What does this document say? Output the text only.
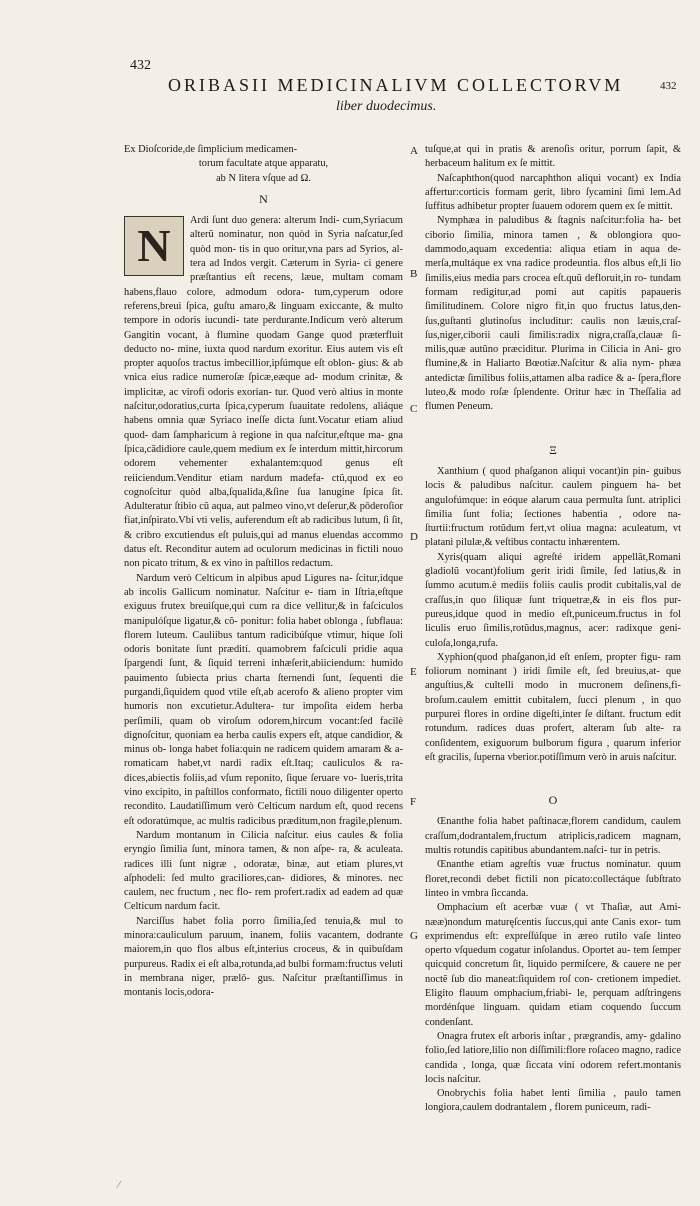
432
432
ORIBASII MEDICINALIVM COLLECTORVM
liber duodecimus.
Ex Dioſcoride,de ſimplicium medicamen-
torum facultate atque apparatu,
ab N litera vſque ad Ω.
N
N	Ardi ſunt duo genera: alterum Indi- cum,Syriacum alterũ nominatur, non quòd in Syria naſcatur,ſed quòd mon- tis in quo oritur,vna pars ad Syrios, al- tera ad Indos vergit. Cæterum in Syria- ci genere præſtantius eſt recens, læue, multam comam habens,flauo colore, admodum odora- tum,cyperum odore referens,breui ſpica, guſtu amaro,& linguam exiccante, & multo tempore in odoris iucundi- tate perdurante.Indicum verò alterum Gangitin vocant, à flumine quodam Gange quod præterfluit deducto no- mine, iuxta quod nardum exoritur. Eius autem vis eſt propter aquoſos tractus imbecillior,ipſúmque eſt oblon- gius: & ab vnica eius radice numeroſæ ſpicæ,eæque ad- modum crinitæ, & implicitæ, ac virofi odoris exorian- tur. Quod verò altius in monte naſcitur,odoratius,curta ſpica,cyperum ſuauitate redolens, aliáque habens omnia quæ Syriaco ineſſe dicta ſunt.Vocatur etiam aliud quod- dam ſampharicum à regione in qua naſcitur,eſtque ma- gna ſpica,cãdidiore caule,quem medium ex ſe interdum mittit,hircorum odorem vehementer exhalantem:quod genus eſt reiiciendum.Venditur etiam nardum madefa- ctũ,quod ex eo cognoſcitur quòd alba,ſqualida,&ſine ſua lanugine ſpica ſit. Adulteratur ſtibio cũ aqua, aut palmeo vino,vt deſerur,& pōderoſior fiat,inſpirato.Vbi vti velis, auferendum eſt ab radicibus lutum, ſi ſit, & cribro excutiendus eſt puluis,qui ad manus eluendas accommo datus eſt. Reconditur autem ad oculorum medicinas in fictili nouo non picato tritum, & ex vino in paſtillos redactum.

Nardum verò Celticum in alpibus apud Ligures na- ſcitur,idque ab incolis Gallicum nominatur. Naſcitur e- tiam in Iſtria,eſtque exiguus frutex breuiſque,qui cum ra dice vellitur,& in faſciculos manipulóſque ligatur,& cõ- ponitur: folia habet oblonga , ſubflaua: florem luteum. Cauliibus tantum radicibúſque vtimur, hique ſoli odoris bonitate ſunt prædití. quamobrem faſciculi pridie aqua ſpargendi ſunt, & ſiquid terreni inhæſerit,abiiciendum: humido pauimento ſubiecta prius charta ſternendi ſunt, ſequenti die purgandi,ſiquidem quod vtile eſt,ab acerofo & alieno propter vim humoris non excutietur.Adultera- tur impoſita eidem herba perſimili, quam ob viroſum odorem,hircum vocant:ſed facilè dignoſcitur, quoniam ea herba caulis expers eſt, atque candidior, & minus ob- longa habet folia:quin ne radicem quidem amaram & a- romaticam habet,vt nardi radix eſt.Itaq; cauliculos & ra- dices,abiectis foliis,ad vſum reponito, ſique ſeruare vo- lueris,trita vino excipito, in paſtillos conformato, fictili nouo diligenter operto recondito. Laudatiſſimum verò Celticum nardum eſt, quod recens eſt odoratúmque, ac multis radicibus præditum,non fragile,plenum.

Nardum montanum in Cilicia naſcitur. eius caules & folia eryngio ſimilia ſunt, minora tamen, & non aſpe- ra, & aculeata. radices illi ſunt nigræ , odoratæ, binæ, aut etiam plures,vt aſphodeli: ſed multo graciliores,can- didiores, & minores. nec caulem, nec fructum , nec flo- rem profert.radix ad eadem ad quæ Celticum nardum facit.

Narciſſus habet folia porro ſimilia,ſed tenuia,& mul to minora:cauliculum paruum, inanem, foliis vacantem, dodrante maiorem,in quo flos albus eſt,interius croceus, & in quibuſdam purpureus. Radix ei eſt alba,rotunda,ad bulbi formam:fructus veluti in membrana niger, prælō- gus. Naſcitur præſtantiſſimus in montanis locis,odora-

A
B
C
D
E
F
G

tuſque,at qui in pratis & arenoſis oritur, porrum ſapit, & herbaceum halitum ex ſe mittit.

Naſcaphthon(quod narcaphthon aliqui vocant) ex India affertur:corticis formam gerit, libro ſycamini ſimi lem.Ad ſuffitus adhibetur propter ſuauem odorem quem ex ſe mittit.

Nymphæa in paludibus & ſtagnis naſcitur:folia ha- bet ciborio ſimilia, minora tamen , & oblongiora quo- dammodo,aquam excedentia: aliqua etiam in aqua de- merſa,multáque ex vna radice prodeuntia. flos albus eſt,li lio ſimilis,eius media pars crocea eſt.quũ defloruit,in ro- tundam formam redigitur,ad pomi aut capitis papaueris ſimilitudinem. Colore nigro fit,in quo fructus latus,den- ſus,guſtanti glutinoſus includitur: caulis non læuis,craſ- ſus,niger,ciborii cauli ſimilis:radix nigra,craſſa,clauæ ſi- milis,quæ autũno præciditur. Plurima in Cilicia in Ani- gro flumine,& in Haliarto Bœotiæ.Naſcitur & alia nym- phæa antedictæ ſimilibus foliis,attamen alba radice & a- ſpera,flore luteo,& modo roſæ ſplendente. Oritur hæc in Theſſalia ad flumen Peneum.

Ξ

Xanthium ( quod phaſganon aliqui vocant)in pin- guibus locis & paludibus naſcitur. caulem pinguem ha- bet angulofúmque: in eóque alarum caua permulta ſunt. atriplici ſimilia ſunt folia; ſectiones habentia , odore na- ſturtii:fructum rotũdum fert,vt oliua magna: aculeatum, vt platani pilulæ,& veſtibus contactu inhærentem.

Xyris(quam aliqui agreſté iridem appellãt,Romani gladiolũ vocant)folium gerit iridi ſimile, ſed latius,& in ſummo acutum.è mediis foliis caulis prodit cubitalis,val de craſſus,in quo ſiliquæ ſunt triquetræ,& in eis flos pur- pureus,idque quod in medio eſt,puniceum.fructus in fol liculis eruo ſimilis,rotũdus,magnus, acer: radixque geni- culoſa,longa,rufa.

Xyphion(quod phaſganon,id eſt enſem, propter figu- ram foliorum nominant ) iridi ſimile eſt, ſed breuius,at- que anguſtius,& cultelli modo in mucronem deſinens,fi- broſum.caulem emittit cubitalem, ſucci plenum , in quo purpurei flores in ordine digeſti,inter ſe diſtant. fructum edit rotundum. radices duas profert, alteram ſub alte- ra conſidentem, exiguorum bulborum figura , quarum inferior eſt gracilis, ſuperna vberior.potiſſimum verò in aruis naſcitur.

O

Œnanthe folia habet paſtinacæ,florem candidum, caulem craſſum,dodrantalem,fructum atriplicis,radicem magnam, multis rotundis capitibus abundantem.naſci- tur in petris.

Œnanthe etiam agreſtis vuæ fructus nominatur. quum floret,recondi debet fictili non picato:collectáque ſubſtrato linteo in vmbra ſiccanda.

Omphacium eſt acerbæ vuæ ( vt Thaſiæ, aut Ami- nææ)nondum maturęſcentis ſuccus,qui ante Canis exor- tum exprimendus eſt: expreſſúſque in æreo rutilo vaſe linteo operto vſquedum cogatur inſolandus. Oportet au- tem ſemper quicquid concretum ſit, liquido permiſcere, & cauere ne per noctẽ ſub dio maneat:ſiquidem roſ con- cretionem impediet. Eligito flauum omphacium,friabi- le, perquam adſtringens mordénſque linguam. quidam etiam coquendo ſuccum condenſant.

Onagra frutex eſt arboris inſtar , prægrandis, amy- gdalino folio,ſed latiore,lilio non diſſimili:flore roſaceo magno, radice candida , longa, quæ ſiccata vini odorem refert.montanis locis naſcitur.

Onobrychis folia habet lenti ſimilia , paulo tamen longiora,caulem dodrantalem , florem puniceum, radi-

⁄
